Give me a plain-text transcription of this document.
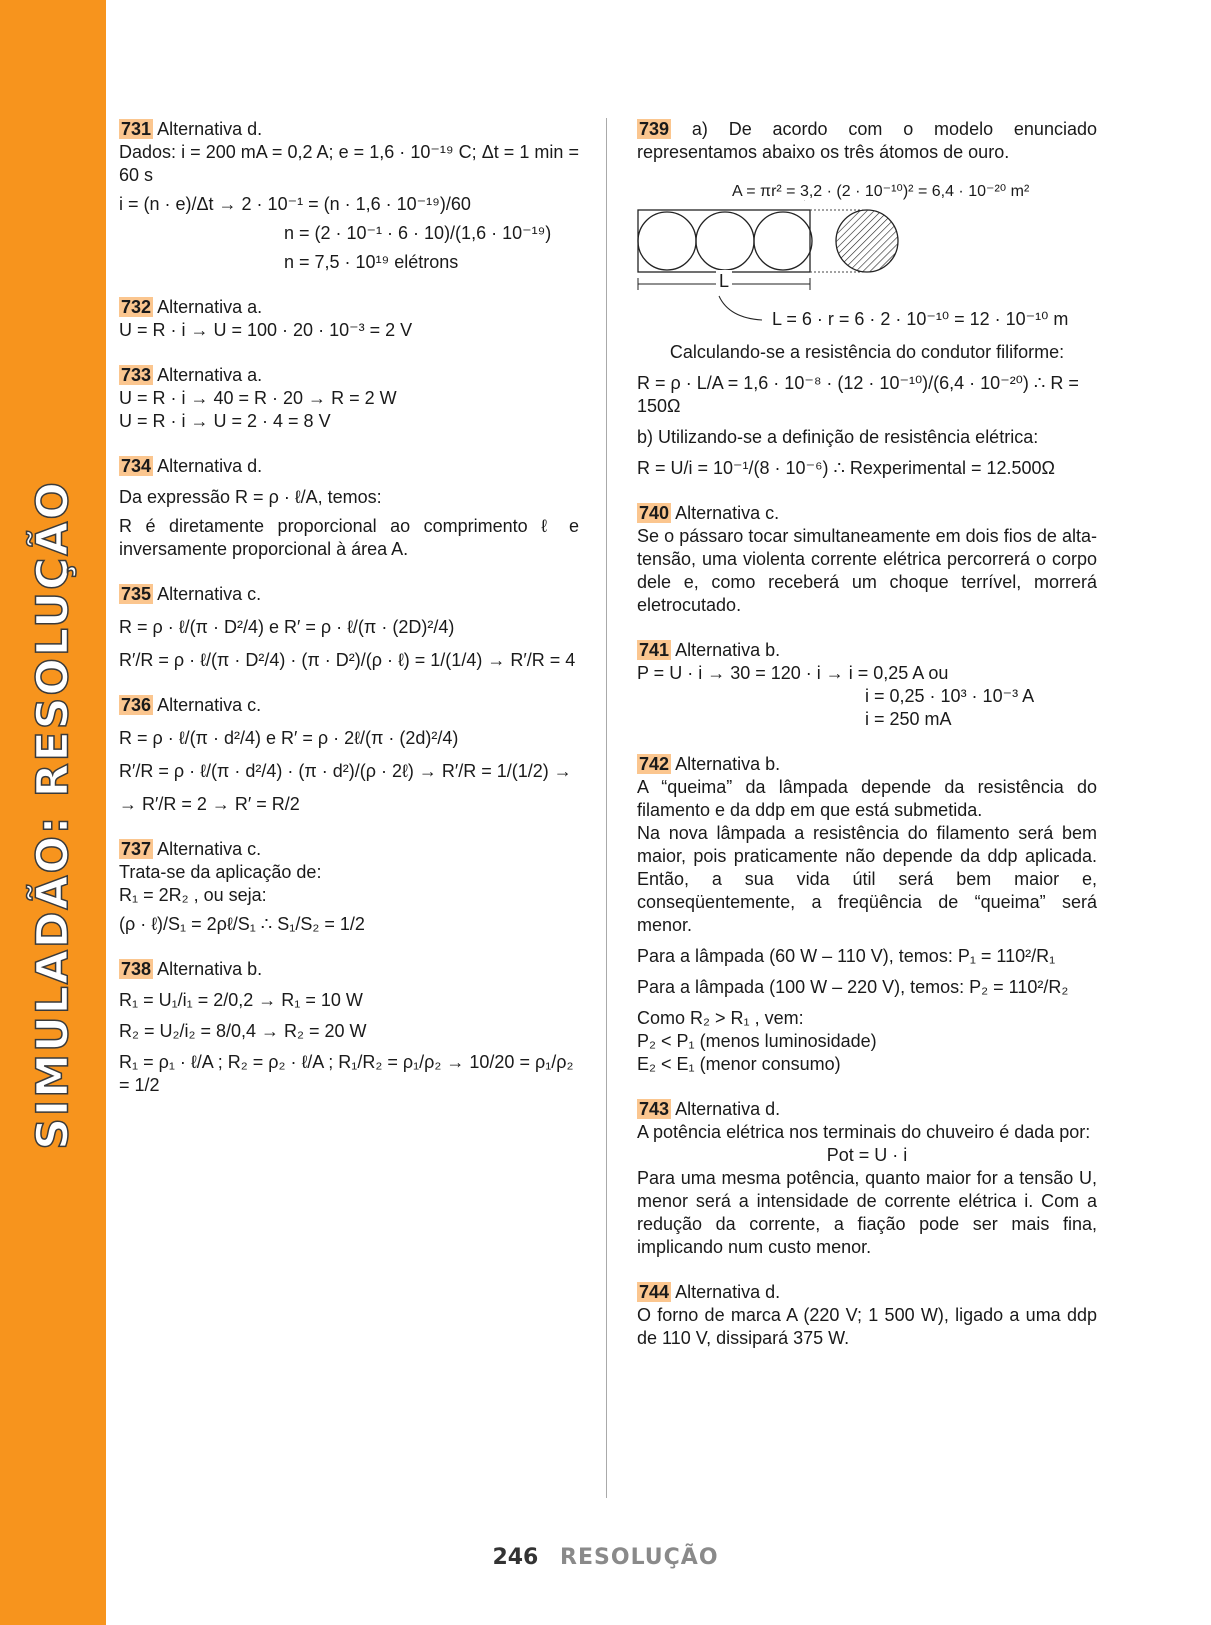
SIMULADÃO: RESOLUÇÃO

731 Alternativa d.

Dados: i = 200 mA = 0,2 A; e = 1,6 · 10⁻¹⁹ C; Δt = 1 min = 60 s

i = (n · e)/Δt → 2 · 10⁻¹ = (n · 1,6 · 10⁻¹⁹)/60

n = (2 · 10⁻¹ · 6 · 10)/(1,6 · 10⁻¹⁹)

n = 7,5 · 10¹⁹ elétrons

732 Alternativa a.

U = R · i → U = 100 · 20 · 10⁻³ = 2 V

733 Alternativa a.

U = R · i → 40 = R · 20 → R = 2 W

U = R · i → U = 2 · 4 = 8 V

734 Alternativa d.

Da expressão R = ρ · ℓ/A, temos:

R é diretamente proporcional ao comprimento ℓ e inversamente proporcional à área A.

735 Alternativa c.

R = ρ · ℓ/(π · D²/4) e R′ = ρ · ℓ/(π · (2D)²/4)

R′/R = ρ · ℓ/(π · D²/4) · (π · D²)/(ρ · ℓ) = 1/(1/4) → R′/R = 4

736 Alternativa c.

R = ρ · ℓ/(π · d²/4) e R′ = ρ · 2ℓ/(π · (2d)²/4)

R′/R = ρ · ℓ/(π · d²/4) · (π · d²)/(ρ · 2ℓ) → R′/R = 1/(1/2) →

→ R′/R = 2 → R′ = R/2

737 Alternativa c.

Trata-se da aplicação de:

R₁ = 2R₂ , ou seja:

(ρ · ℓ)/S₁ = 2ρℓ/S₁ ∴ S₁/S₂ = 1/2

738 Alternativa b.

R₁ = U₁/i₁ = 2/0,2 → R₁ = 10 W

R₂ = U₂/i₂ = 8/0,4 → R₂ = 20 W

R₁ = ρ₁ · ℓ/A ; R₂ = ρ₂ · ℓ/A ; R₁/R₂ = ρ₁/ρ₂ → 10/20 = ρ₁/ρ₂ = 1/2

739 a) De acordo com o modelo enunciado representamos abaixo os três átomos de ouro.

A = πr² = 3,2 · (2 · 10⁻¹⁰)² = 6,4 · 10⁻²⁰ m²
L
L = 6 · r = 6 · 2 · 10⁻¹⁰ = 12 · 10⁻¹⁰ m

Calculando-se a resistência do condutor filiforme:

R = ρ · L/A = 1,6 · 10⁻⁸ · (12 · 10⁻¹⁰)/(6,4 · 10⁻²⁰) ∴ R = 150Ω

b) Utilizando-se a definição de resistência elétrica:

R = U/i = 10⁻¹/(8 · 10⁻⁶) ∴ Rexperimental = 12.500Ω

740 Alternativa c.

Se o pássaro tocar simultaneamente em dois fios de alta-tensão, uma violenta corrente elétrica percorrerá o corpo dele e, como receberá um choque terrível, morrerá eletrocutado.

741 Alternativa b.

P = U · i → 30 = 120 · i → i = 0,25 A ou

i = 0,25 · 10³ · 10⁻³ A

i = 250 mA

742 Alternativa b.

A “queima” da lâmpada depende da resistência do filamento e da ddp em que está submetida.

Na nova lâmpada a resistência do filamento será bem maior, pois praticamente não depende da ddp aplicada. Então, a sua vida útil será bem maior e, conseqüentemente, a freqüência de “queima” será menor.

Para a lâmpada (60 W – 110 V), temos: P₁ = 110²/R₁

Para a lâmpada (100 W – 220 V), temos: P₂ = 110²/R₂

Como R₂ > R₁ , vem:

P₂ < P₁ (menos luminosidade)

E₂ < E₁ (menor consumo)

743 Alternativa d.

A potência elétrica nos terminais do chuveiro é dada por:

Pot = U · i

Para uma mesma potência, quanto maior for a tensão U, menor será a intensidade de corrente elétrica i. Com a redução da corrente, a fiação pode ser mais fina, implicando num custo menor.

744 Alternativa d.

O forno de marca A (220 V; 1 500 W), ligado a uma ddp de 110 V, dissipará 375 W.

246 RESOLUÇÃO
